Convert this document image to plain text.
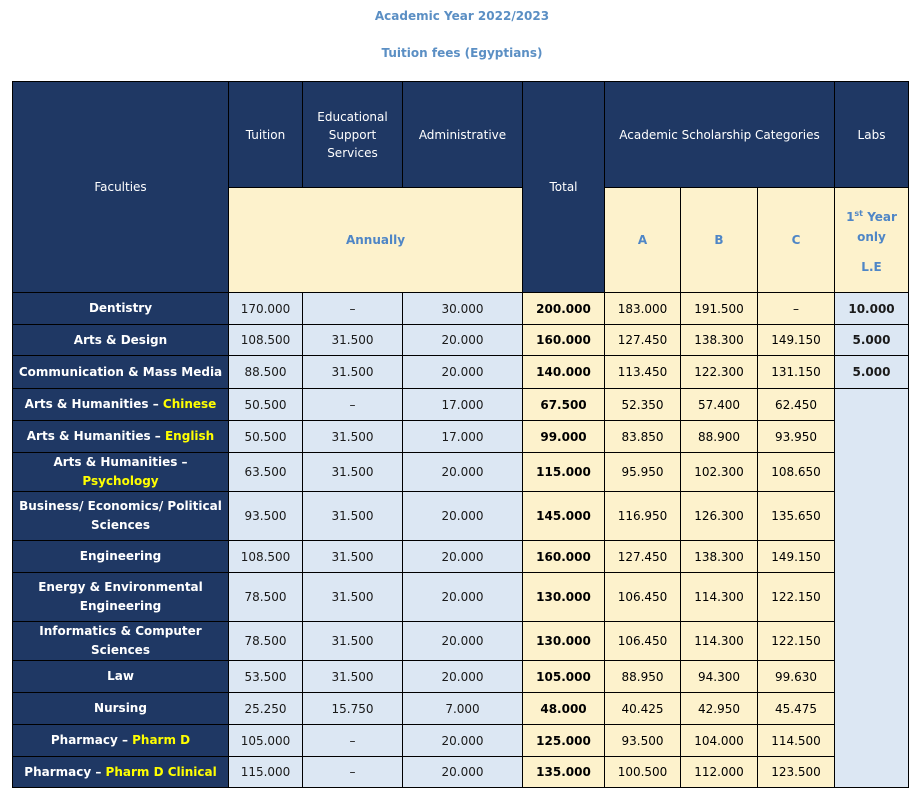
Academic Year 2022/2023
Tuition fees (Egyptians)
Faculties	Tuition	Educational Support Services	Administrative	Total	Academic Scholarship Categories			Labs
	Annually				A	B	C	1st Year
only

L.E

Dentistry	170.000	–	30.000	200.000	183.000	191.500	–	10.000
Arts & Design	108.500	31.500	20.000	160.000	127.450	138.300	149.150	5.000
Communication & Mass Media	88.500	31.500	20.000	140.000	113.450	122.300	131.150	5.000
Arts & Humanities – Chinese	50.500	–	17.000	67.500	52.350	57.400	62.450	
Arts & Humanities – English	50.500	31.500	17.000	99.000	83.850	88.900	93.950	
Arts & Humanities – Psychology	63.500	31.500	20.000	115.000	95.950	102.300	108.650	
Business/ Economics/ Political Sciences	93.500	31.500	20.000	145.000	116.950	126.300	135.650	
Engineering	108.500	31.500	20.000	160.000	127.450	138.300	149.150	
Energy & Environmental Engineering	78.500	31.500	20.000	130.000	106.450	114.300	122.150	
Informatics & Computer Sciences	78.500	31.500	20.000	130.000	106.450	114.300	122.150	
Law	53.500	31.500	20.000	105.000	88.950	94.300	99.630	
Nursing	25.250	15.750	7.000	48.000	40.425	42.950	45.475	
Pharmacy – Pharm D	105.000	–	20.000	125.000	93.500	104.000	114.500	
Pharmacy – Pharm D Clinical	115.000	–	20.000	135.000	100.500	112.000	123.500	
